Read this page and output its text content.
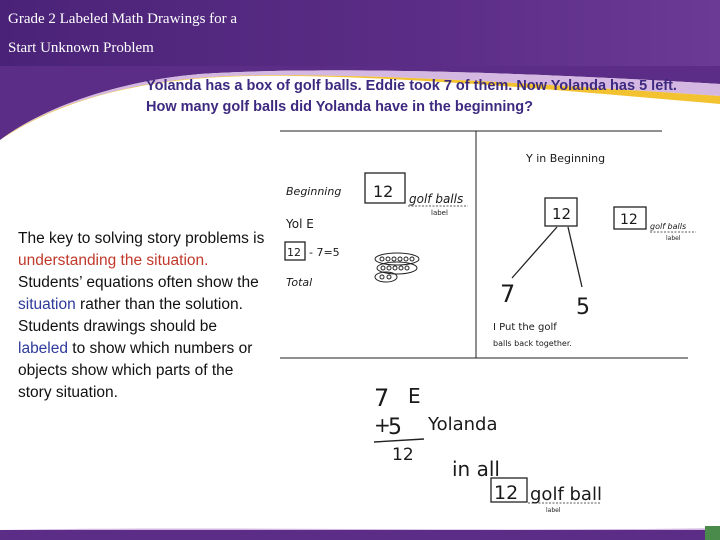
Grade 2 Labeled Math Drawings for a
Start Unknown Problem
Yolanda has a box of golf balls. Eddie took 7 of them. Now Yolanda has 5 left. How many golf balls did Yolanda have in the beginning?
The key to solving story problems is understanding the situation. Students’ equations often show the situation rather than the solution. Students drawings should be labeled to show which numbers or objects show which parts of the story situation.
Beginning 12 golf balls
label
Yol E
12 - 7=5
Total
Y in Beginning
12	12 golf balls
label
7	5
I Put the golf
balls back together.
7 E
+
5 Yolanda
12
in all
12 golf ball
label
